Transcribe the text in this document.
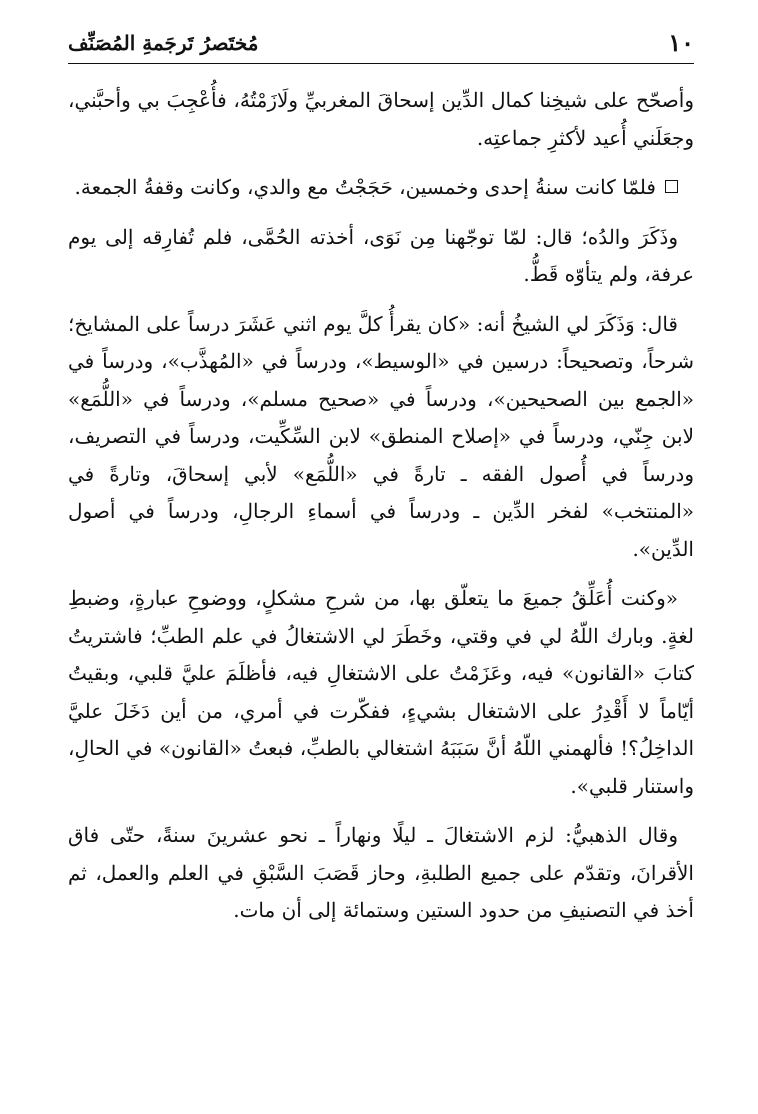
١٠
مُختَصرُ تَرجَمةِ المُصَنِّف

وأصحّح على شيخِنا كمال الدِّين إسحاقَ المغربيِّ ولَازَمْتُهُ، فأُعْجِبَ بي وأحبَّني، وجعَلَني أُعيد لأكثرِ جماعتِه.

فلمّا كانت سنةُ إحدى وخمسين، حَجَجْتُ مع والدي، وكانت وقفةُ الجمعة.

وذَكَرَ والدُه؛ قال: لمّا توجّهنا مِن نَوَى، أخذته الحُمَّى، فلم تُفارِقه إلى يوم عرفة، ولم يتأوّه قَطُّ.

قال: وَذَكَرَ لي الشيخُ أنه: «كان يقرأُ كلَّ يوم اثني عَشَرَ درساً على المشايخ؛ شرحاً، وتصحيحاً: درسين في «الوسيط»، ودرساً في «المُهذَّب»، ودرساً في «الجمع بين الصحيحين»، ودرساً في «صحيح مسلم»، ودرساً في «اللُّمَع» لابن جِنّي، ودرساً في «إصلاح المنطق» لابن السِّكِّيت، ودرساً في التصريف، ودرساً في أُصول الفقه ـ تارةً في «اللُّمَع» لأبي إسحاقَ، وتارةً في «المنتخب» لفخر الدِّين ـ ودرساً في أسماءِ الرجالِ، ودرساً في أصول الدِّين».

«وكنت أُعَلِّقُ جميعَ ما يتعلّق بها، من شرحِ مشكلٍ، ووضوحِ عبارةٍ، وضبطِ لغةٍ. وبارك اللّهُ لي في وقتي، وخَطَرَ لي الاشتغالُ في علم الطبِّ؛ فاشتريتُ كتابَ «القانون» فيه، وعَزَمْتُ على الاشتغالِ فيه، فأظلَمَ عليَّ قلبي، وبقيتُ أيّاماً لا أَقْدِرُ على الاشتغال بشيءٍ، ففكّرت في أمري، من أين دَخَلَ عليَّ الداخِلُ؟! فألهمني اللّهُ أنَّ سَبَبَهُ اشتغالي بالطبِّ، فبعتُ «القانون» في الحالِ، واستنار قلبي».

وقال الذهبيُّ: لزم الاشتغالَ ـ ليلًا ونهاراً ـ نحو عشرينَ سنةً، حتّى فاق الأقرانَ، وتقدّم على جميع الطلبةِ، وحاز قَصَبَ السَّبْقِ في العلم والعمل، ثم أخذ في التصنيفِ من حدود الستين وستمائة إلى أن مات.
